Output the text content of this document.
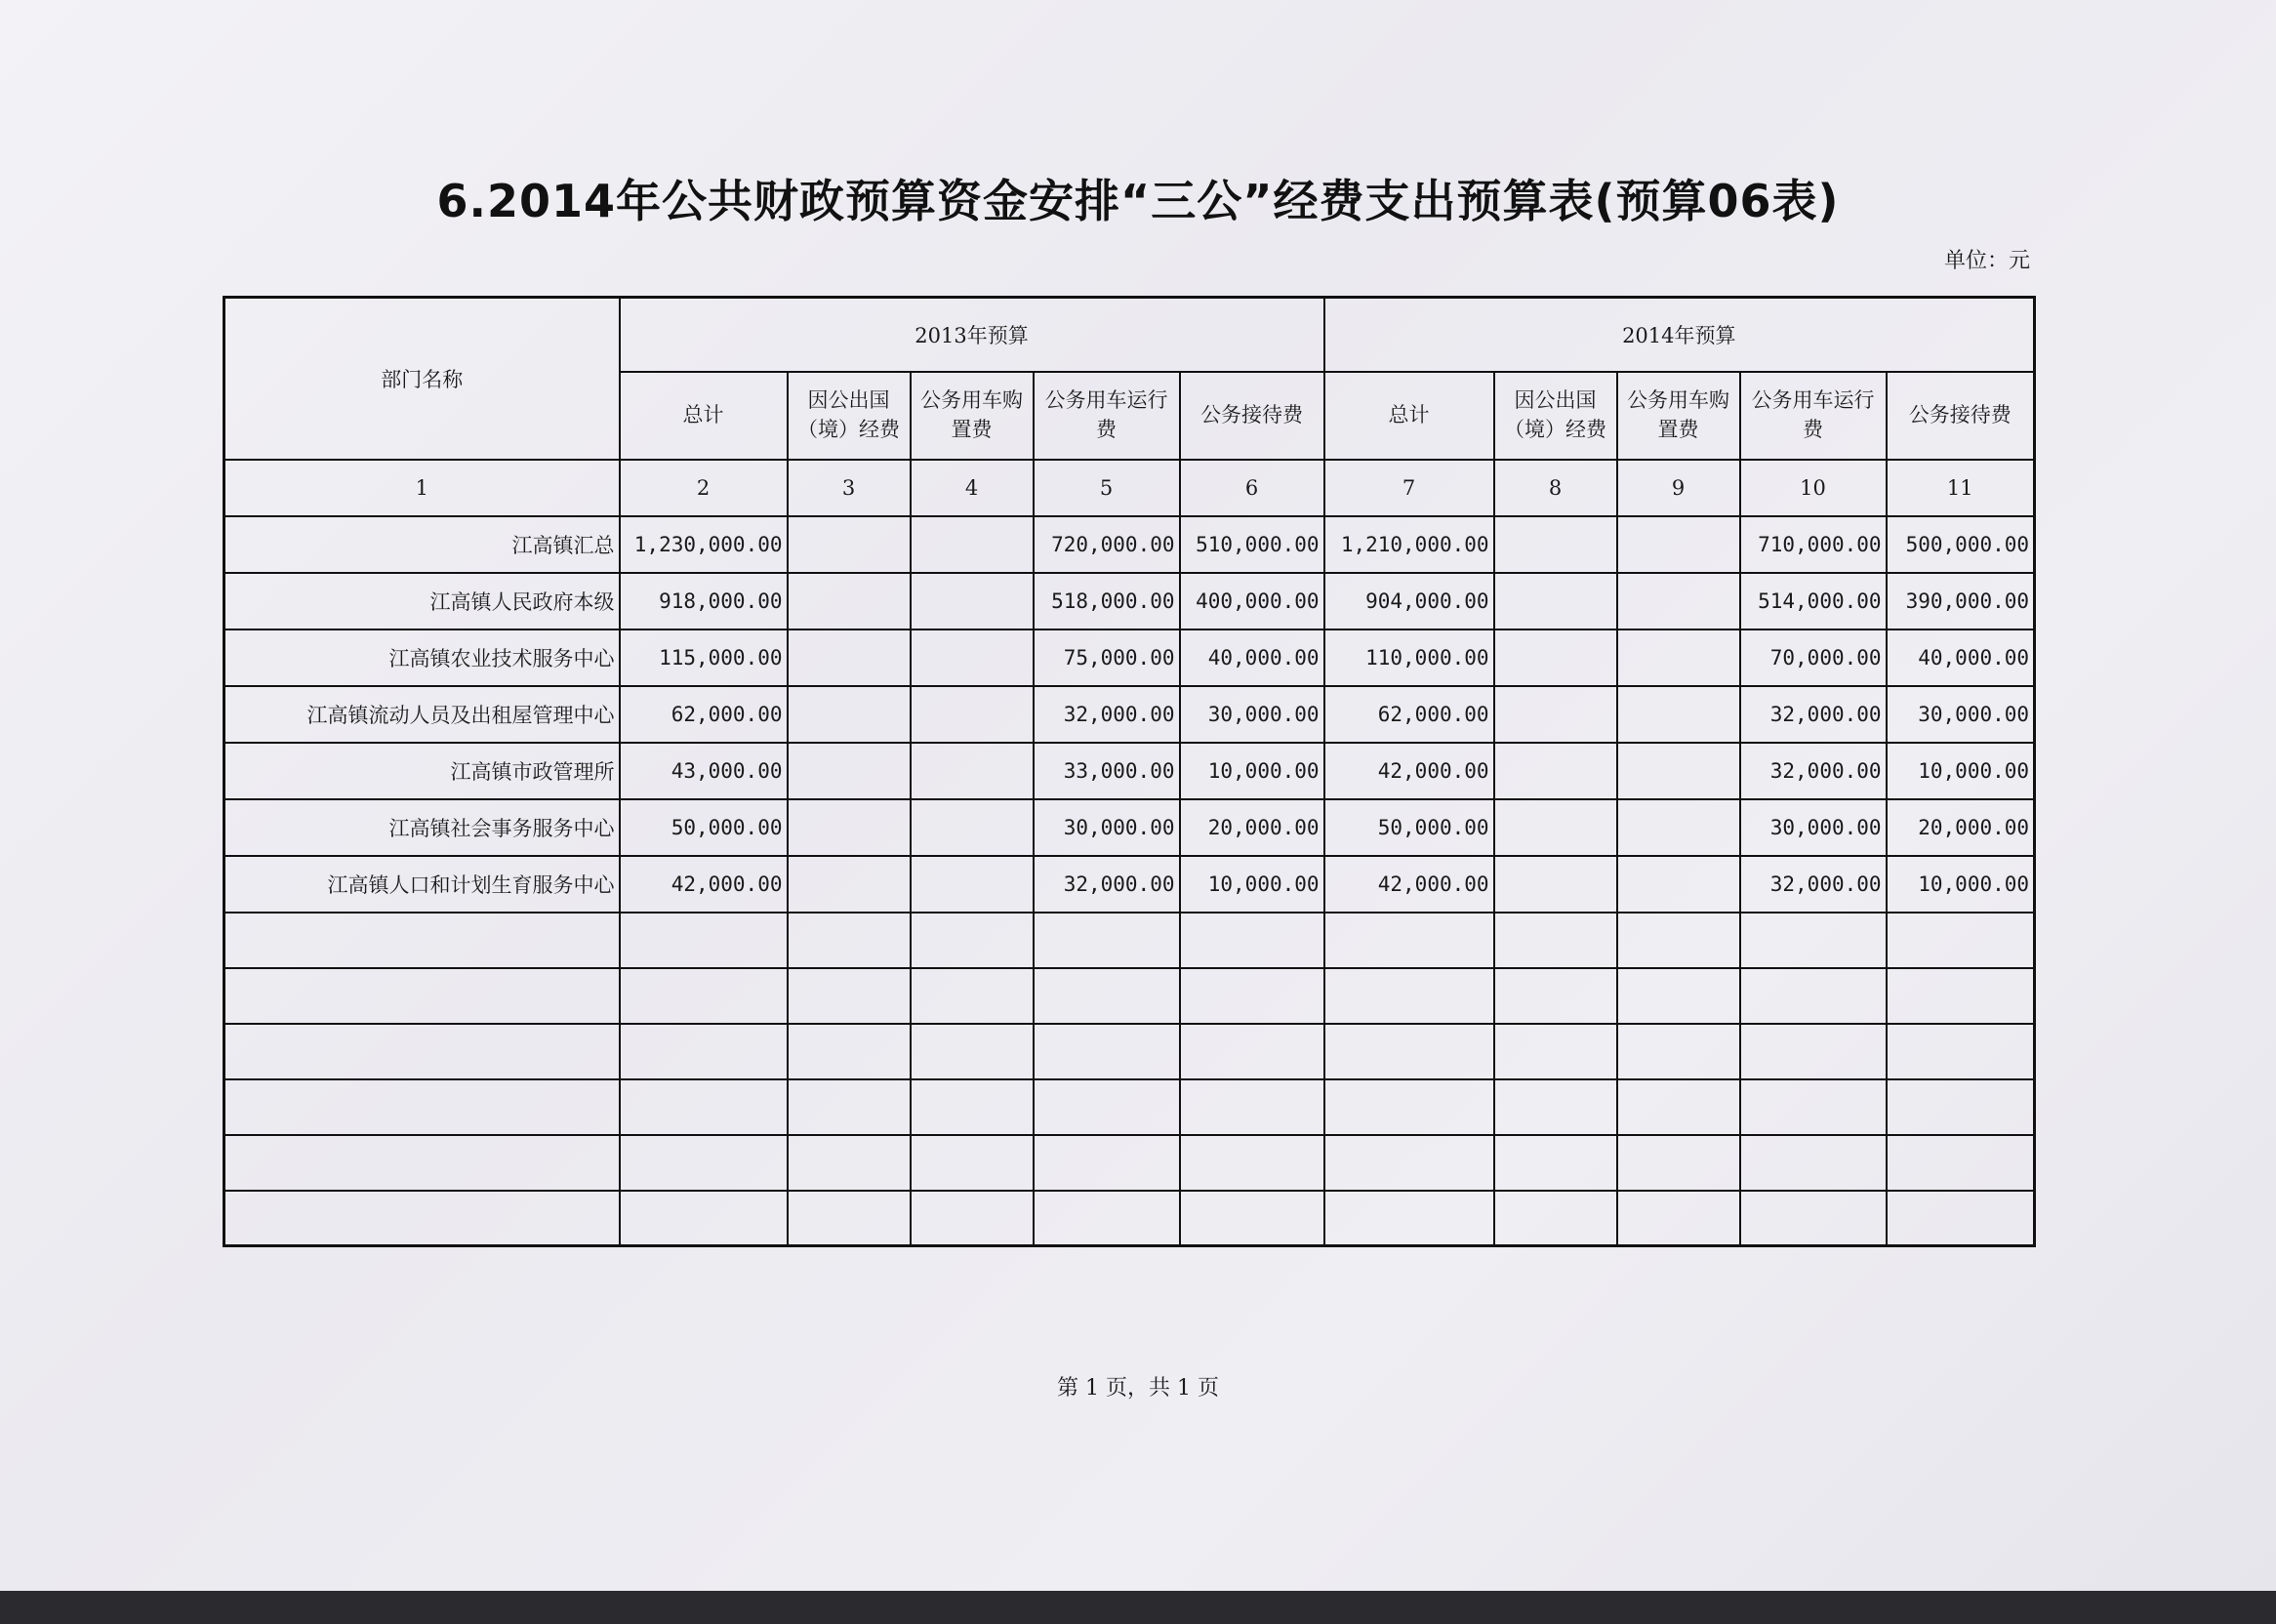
6.2014年公共财政预算资金安排“三公”经费支出预算表(预算06表)
单位：元
部门名称	2013年预算					2014年预算				
	总计	因公出国（境）经费	公务用车购置费	公务用车运行费	公务接待费	总计	因公出国（境）经费	公务用车购置费	公务用车运行费	公务接待费
1	2	3	4	5	6	7	8	9	10	11
江高镇汇总	1,230,000.00			720,000.00	510,000.00	1,210,000.00			710,000.00	500,000.00
江高镇人民政府本级	918,000.00			518,000.00	400,000.00	904,000.00			514,000.00	390,000.00
江高镇农业技术服务中心	115,000.00			75,000.00	40,000.00	110,000.00			70,000.00	40,000.00
江高镇流动人员及出租屋管理中心	62,000.00			32,000.00	30,000.00	62,000.00			32,000.00	30,000.00
江高镇市政管理所	43,000.00			33,000.00	10,000.00	42,000.00			32,000.00	10,000.00
江高镇社会事务服务中心	50,000.00			30,000.00	20,000.00	50,000.00			30,000.00	20,000.00
江高镇人口和计划生育服务中心	42,000.00			32,000.00	10,000.00	42,000.00			32,000.00	10,000.00

第 1 页，共 1 页
